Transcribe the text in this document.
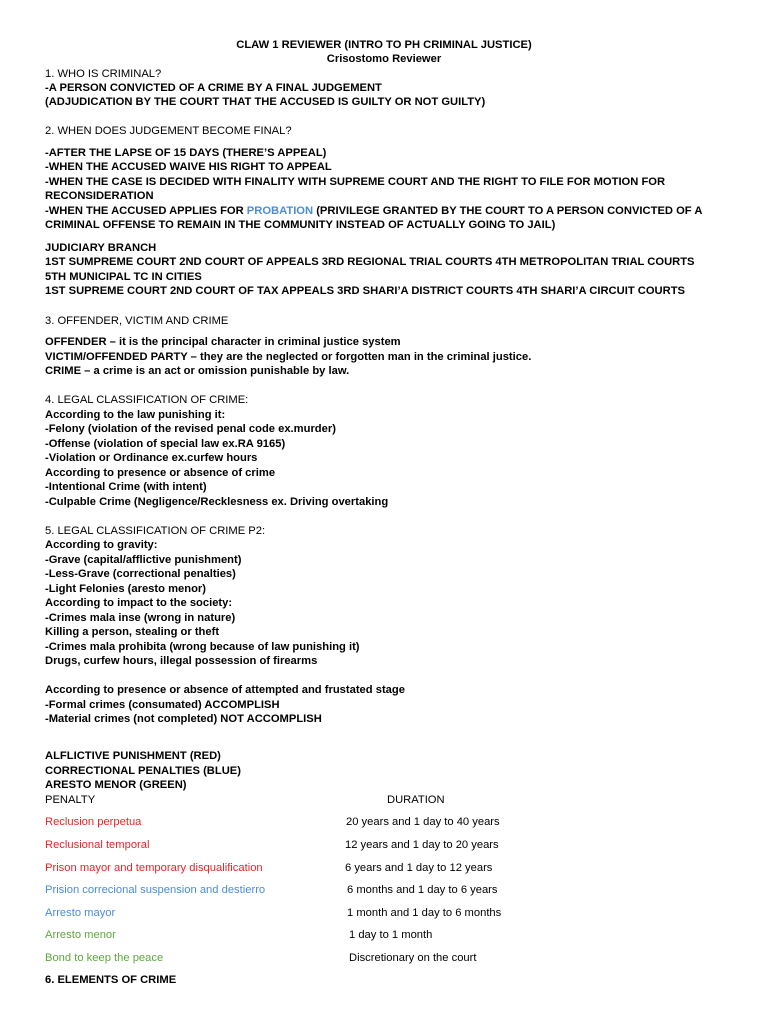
CLAW 1 REVIEWER (INTRO TO PH CRIMINAL JUSTICE)
Crisostomo Reviewer
1. WHO IS CRIMINAL?
-A PERSON CONVICTED OF A CRIME BY A FINAL JUDGEMENT
(ADJUDICATION BY THE COURT THAT THE ACCUSED IS GUILTY OR NOT GUILTY)
2. WHEN DOES JUDGEMENT BECOME FINAL?
-AFTER THE LAPSE OF 15 DAYS (THERE’S APPEAL)
-WHEN THE ACCUSED WAIVE HIS RIGHT TO APPEAL
-WHEN THE CASE IS DECIDED WITH FINALITY WITH SUPREME COURT AND THE RIGHT TO FILE FOR MOTION FOR
RECONSIDERATION
-WHEN THE ACCUSED APPLIES FOR PROBATION (PRIVILEGE GRANTED BY THE COURT TO A PERSON CONVICTED OF A
CRIMINAL OFFENSE TO REMAIN IN THE COMMUNITY INSTEAD OF ACTUALLY GOING TO JAIL)
JUDICIARY BRANCH
1ST SUMPREME COURT 2ND COURT OF APPEALS 3RD REGIONAL TRIAL COURTS 4TH METROPOLITAN TRIAL COURTS
5TH MUNICIPAL TC IN CITIES
1ST SUPREME COURT 2ND COURT OF TAX APPEALS 3RD SHARI’A DISTRICT COURTS 4TH SHARI’A CIRCUIT COURTS
3. OFFENDER, VICTIM AND CRIME
OFFENDER – it is the principal character in criminal justice system
VICTIM/OFFENDED PARTY – they are the neglected or forgotten man in the criminal justice.
CRIME – a crime is an act or omission punishable by law.
4. LEGAL CLASSIFICATION OF CRIME:
According to the law punishing it:
-Felony (violation of the revised penal code ex.murder)
-Offense (violation of special law ex.RA 9165)
-Violation or Ordinance ex.curfew hours
According to presence or absence of crime
-Intentional Crime (with intent)
-Culpable Crime (Negligence/Recklesness ex. Driving overtaking
5. LEGAL CLASSIFICATION OF CRIME P2:
According to gravity:
-Grave (capital/afflictive punishment)
-Less-Grave (correctional penalties)
-Light Felonies (aresto menor)
According to impact to the society:
-Crimes mala inse (wrong in nature)
Killing a person, stealing or theft
-Crimes mala prohibita (wrong because of law punishing it)
Drugs, curfew hours, illegal possession of firearms
According to presence or absence of attempted and frustated stage
-Formal crimes (consumated) ACCOMPLISH
-Material crimes (not completed) NOT ACCOMPLISH
ALFLICTIVE PUNISHMENT (RED)
CORRECTIONAL PENALTIES (BLUE)
ARESTO MENOR (GREEN)
PENALTY	DURATION
Reclusion perpetua	20 years and 1 day to 40 years
Reclusional temporal	12 years and 1 day to 20 years
Prison mayor and temporary disqualification	6 years and 1 day to 12 years
Prision correcional suspension and destierro	6 months and 1 day to 6 years
Arresto mayor	1 month and 1 day to 6 months
Arresto menor	1 day to 1 month
Bond to keep the peace	Discretionary on the court
6. ELEMENTS OF CRIME
